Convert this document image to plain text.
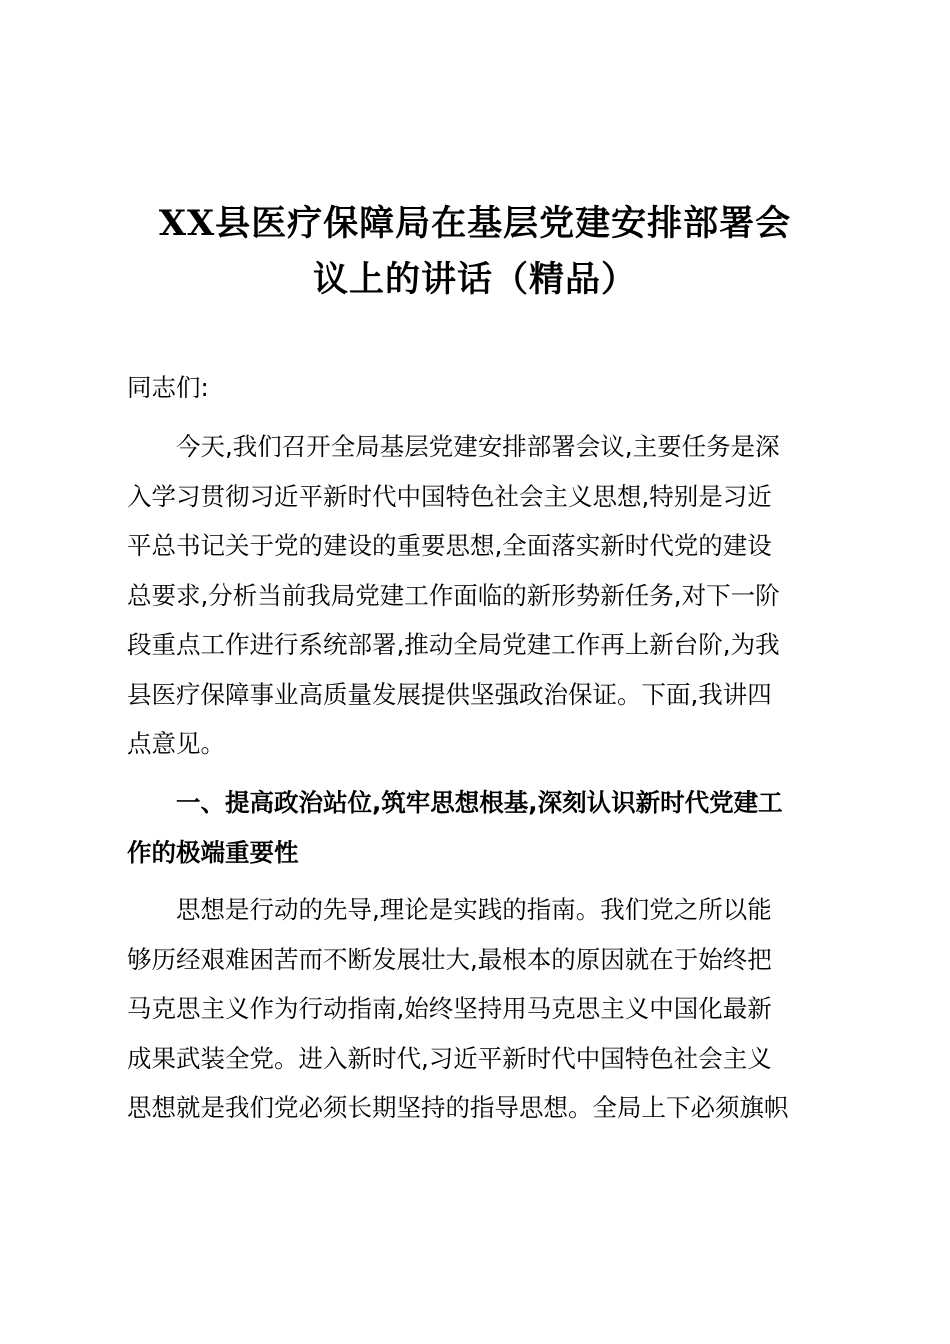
XX县医疗保障局在基层党建安排部署会
议上的讲话（精品）

同志们:

今天,我们召开全局基层党建安排部署会议,主要任务是深
入学习贯彻习近平新时代中国特色社会主义思想,特别是习近
平总书记关于党的建设的重要思想,全面落实新时代党的建设
总要求,分析当前我局党建工作面临的新形势新任务,对下一阶
段重点工作进行系统部署,推动全局党建工作再上新台阶,为我
县医疗保障事业高质量发展提供坚强政治保证。下面,我讲四
点意见。
一、提高政治站位,筑牢思想根基,深刻认识新时代党建工
作的极端重要性
思想是行动的先导,理论是实践的指南。我们党之所以能
够历经艰难困苦而不断发展壮大,最根本的原因就在于始终把
马克思主义作为行动指南,始终坚持用马克思主义中国化最新
成果武装全党。进入新时代,习近平新时代中国特色社会主义
思想就是我们党必须长期坚持的指导思想。全局上下必须旗帜
